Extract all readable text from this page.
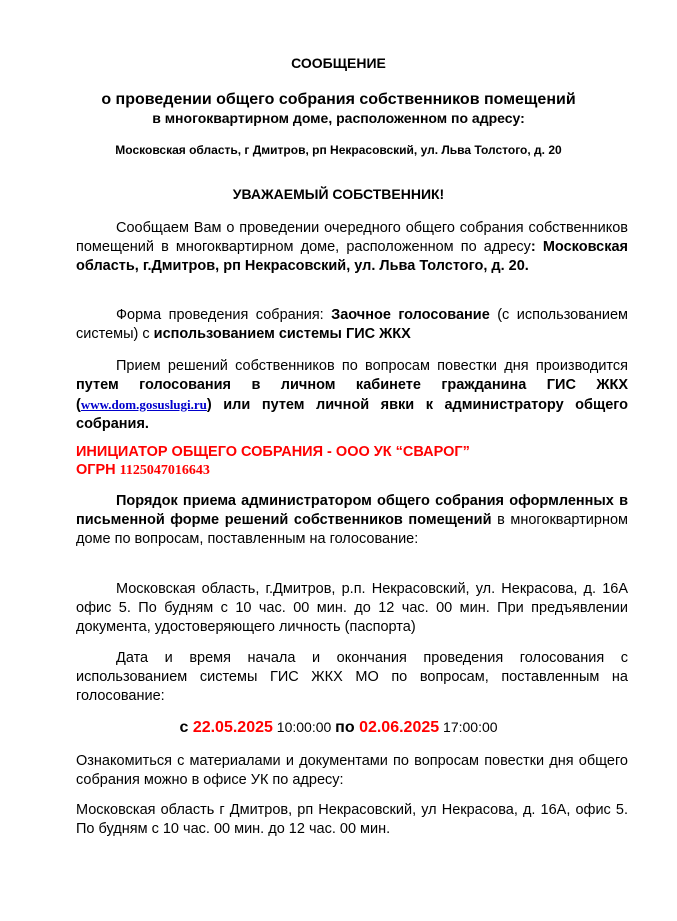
СООБЩЕНИЕ
о проведении общего собрания собственников помещений
в многоквартирном доме, расположенном по адресу:
Московская область, г Дмитров, рп Некрасовский, ул. Льва Толстого, д. 20
УВАЖАЕМЫЙ СОБСТВЕННИК!
Сообщаем Вам о проведении очередного общего собрания собственников помещений в многоквартирном доме, расположенном по адресу: Московская область, г.Дмитров, рп Некрасовский, ул. Льва Толстого, д. 20.
Форма проведения собрания: Заочное голосование (с использованием системы) с использованием системы ГИС ЖКХ
Прием решений собственников по вопросам повестки дня производится путем голосования в личном кабинете гражданина ГИС ЖКХ (www.dom.gosuslugi.ru) или путем личной явки к администратору общего собрания.
ИНИЦИАТОР ОБЩЕГО СОБРАНИЯ - ООО УК “СВАРОГ”
ОГРН 1125047016643
Порядок приема администратором общего собрания оформленных в письменной форме решений собственников помещений в многоквартирном доме по вопросам, поставленным на голосование:
Московская область, г.Дмитров, р.п. Некрасовский, ул. Некрасова, д. 16А офис 5. По будням с 10 час. 00 мин. до 12 час. 00 мин. При предъявлении документа, удостоверяющего личность (паспорта)
Дата и время начала и окончания проведения голосования с использованием системы ГИС ЖКХ МО по вопросам, поставленным на голосование:
с 22.05.2025 10:00:00 по 02.06.2025 17:00:00
Ознакомиться с материалами и документами по вопросам повестки дня общего собрания можно в офисе УК по адресу:
Московская область г Дмитров, рп Некрасовский, ул Некрасова, д. 16А, офис 5. По будням с 10 час. 00 мин. до 12 час. 00 мин.
